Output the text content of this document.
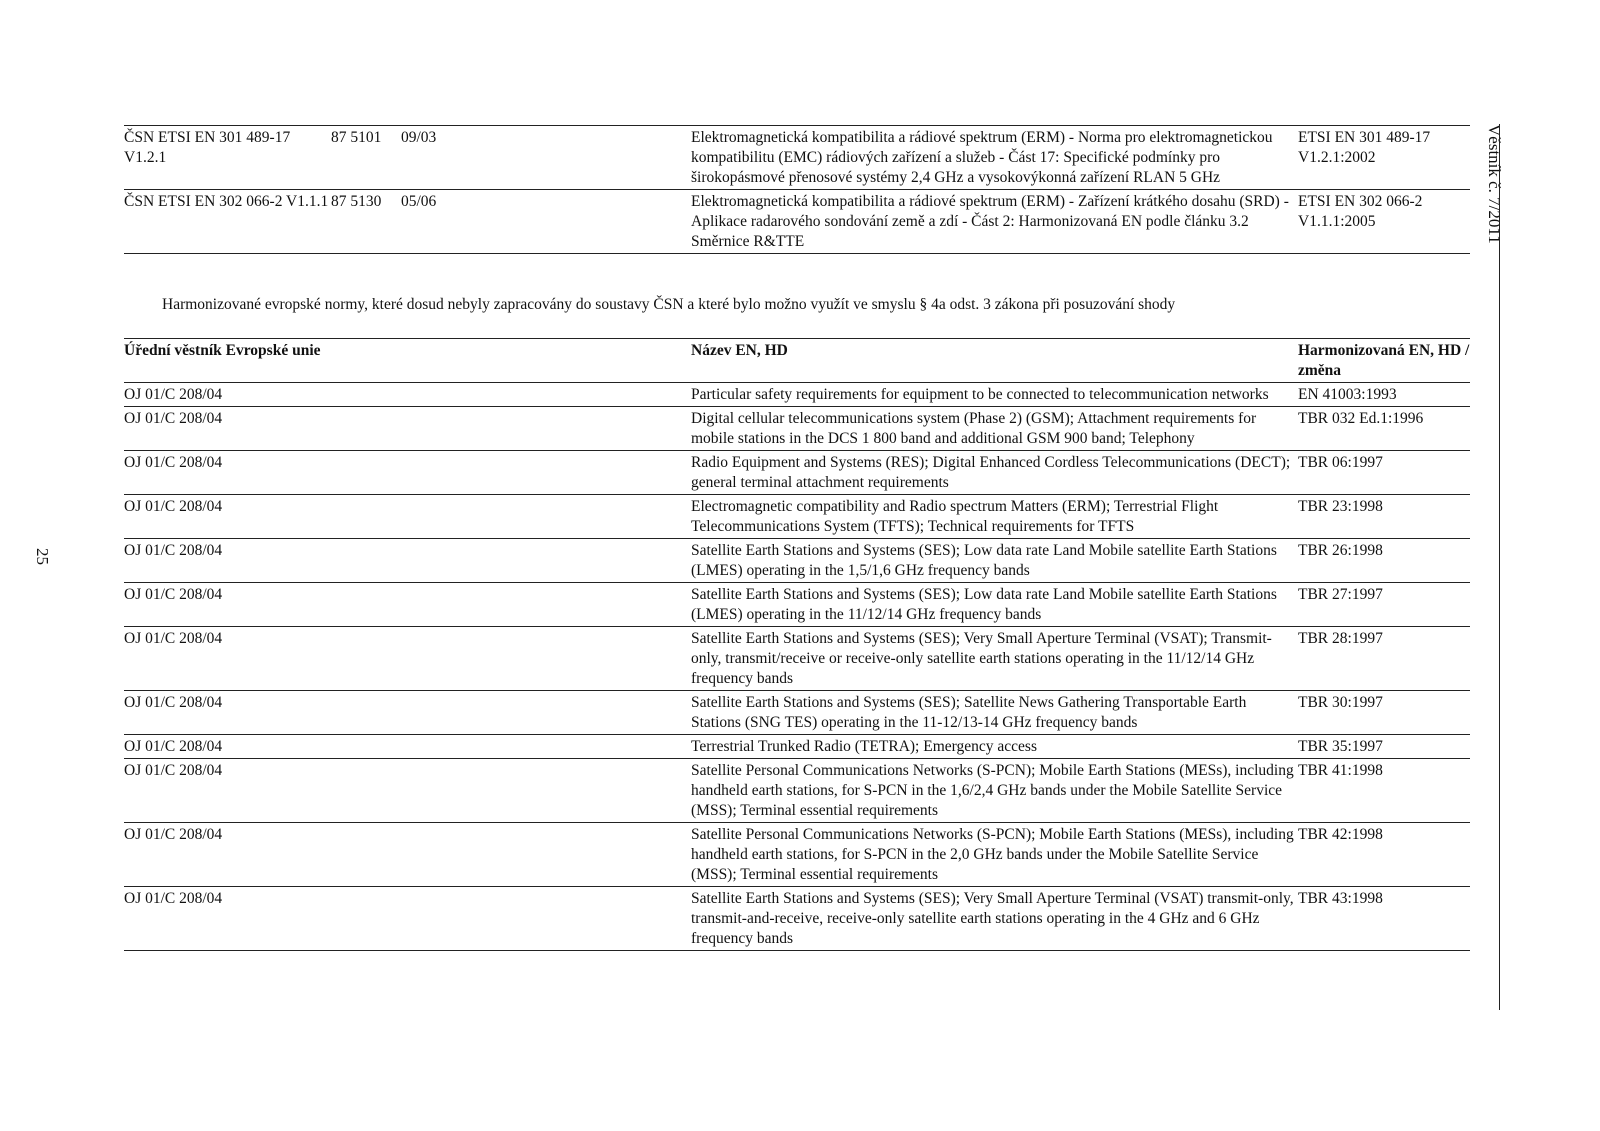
25
Věstník č. 7/2011
ČSN ETSI EN 301 489-17 V1.2.1	87 5101	09/03	Elektromagnetická kompatibilita a rádiové spektrum (ERM) - Norma pro elektromagnetickou kompatibilitu (EMC) rádiových zařízení a služeb - Část 17: Specifické podmínky pro širokopásmové přenosové systémy 2,4 GHz a vysokovýkonná zařízení RLAN 5 GHz	ETSI EN 301 489-17 V1.2.1:2002
ČSN ETSI EN 302 066-2 V1.1.1	87 5130	05/06	Elektromagnetická kompatibilita a rádiové spektrum (ERM) - Zařízení krátkého dosahu (SRD) - Aplikace radarového sondování země a zdí - Část 2: Harmonizovaná EN podle článku 3.2 Směrnice R&TTE	ETSI EN 302 066-2 V1.1.1:2005
Harmonizované evropské normy, které dosud nebyly zapracovány do soustavy ČSN a které bylo možno využít ve smyslu § 4a odst. 3 zákona při posuzování shody
Úřední věstník Evropské unie	Název EN, HD	Harmonizovaná EN, HD / změna
OJ 01/C 208/04	Particular safety requirements for equipment to be connected to telecommunication networks	EN 41003:1993
OJ 01/C 208/04	Digital cellular telecommunications system (Phase 2) (GSM); Attachment requirements for mobile stations in the DCS 1 800 band and additional GSM 900 band; Telephony	TBR 032 Ed.1:1996
OJ 01/C 208/04	Radio Equipment and Systems (RES); Digital Enhanced Cordless Telecommunications (DECT); general terminal attachment requirements	TBR 06:1997
OJ 01/C 208/04	Electromagnetic compatibility and Radio spectrum Matters (ERM); Terrestrial Flight Telecommunications System (TFTS); Technical requirements for TFTS	TBR 23:1998
OJ 01/C 208/04	Satellite Earth Stations and Systems (SES); Low data rate Land Mobile satellite Earth Stations (LMES) operating in the 1,5/1,6 GHz frequency bands	TBR 26:1998
OJ 01/C 208/04	Satellite Earth Stations and Systems (SES); Low data rate Land Mobile satellite Earth Stations (LMES) operating in the 11/12/14 GHz frequency bands	TBR 27:1997
OJ 01/C 208/04	Satellite Earth Stations and Systems (SES); Very Small Aperture Terminal (VSAT); Transmit-only, transmit/receive or receive-only satellite earth stations operating in the 11/12/14 GHz frequency bands	TBR 28:1997
OJ 01/C 208/04	Satellite Earth Stations and Systems (SES); Satellite News Gathering Transportable Earth Stations (SNG TES) operating in the 11-12/13-14 GHz frequency bands	TBR 30:1997
OJ 01/C 208/04	Terrestrial Trunked Radio (TETRA); Emergency access	TBR 35:1997
OJ 01/C 208/04	Satellite Personal Communications Networks (S-PCN); Mobile Earth Stations (MESs), including handheld earth stations, for S-PCN in the 1,6/2,4 GHz bands under the Mobile Satellite Service (MSS); Terminal essential requirements	TBR 41:1998
OJ 01/C 208/04	Satellite Personal Communications Networks (S-PCN); Mobile Earth Stations (MESs), including handheld earth stations, for S-PCN in the 2,0 GHz bands under the Mobile Satellite Service (MSS); Terminal essential requirements	TBR 42:1998
OJ 01/C 208/04	Satellite Earth Stations and Systems (SES); Very Small Aperture Terminal (VSAT) transmit-only, transmit-and-receive, receive-only satellite earth stations operating in the 4 GHz and 6 GHz frequency bands	TBR 43:1998
